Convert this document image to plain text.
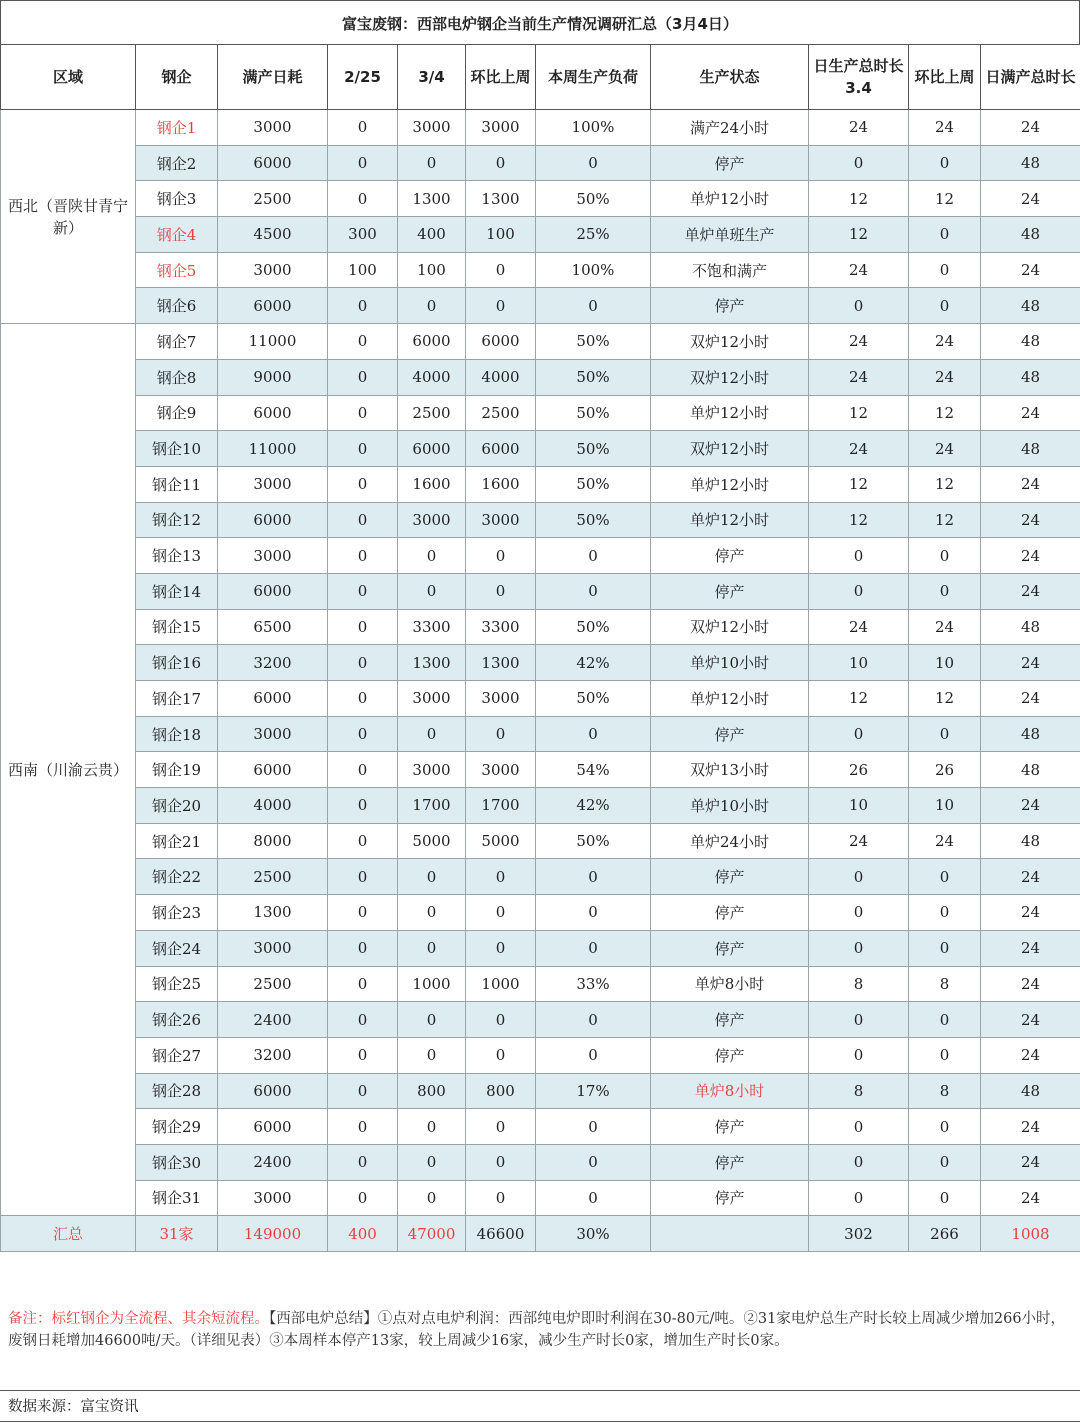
富宝废钢：西部电炉钢企当前生产情况调研汇总（3月4日）
区域	钢企	满产日耗	2/25	3/4	环比上周	本周生产负荷	生产状态	日生产总时长3.4	环比上周	日满产总时长
西北（晋陕甘青宁新）	钢企1	3000	0	3000	3000	100%	满产24小时	24	24	24
	钢企2	6000	0	0	0	0	停产	0	0	48
	钢企3	2500	0	1300	1300	50%	单炉12小时	12	12	24
	钢企4	4500	300	400	100	25%	单炉单班生产	12	0	48
	钢企5	3000	100	100	0	100%	不饱和满产	24	0	24
	钢企6	6000	0	0	0	0	停产	0	0	48
西南（川渝云贵）	钢企7	11000	0	6000	6000	50%	双炉12小时	24	24	48
	钢企8	9000	0	4000	4000	50%	双炉12小时	24	24	48
	钢企9	6000	0	2500	2500	50%	单炉12小时	12	12	24
	钢企10	11000	0	6000	6000	50%	双炉12小时	24	24	48
	钢企11	3000	0	1600	1600	50%	单炉12小时	12	12	24
	钢企12	6000	0	3000	3000	50%	单炉12小时	12	12	24
	钢企13	3000	0	0	0	0	停产	0	0	24
	钢企14	6000	0	0	0	0	停产	0	0	24
	钢企15	6500	0	3300	3300	50%	双炉12小时	24	24	48
	钢企16	3200	0	1300	1300	42%	单炉10小时	10	10	24
	钢企17	6000	0	3000	3000	50%	单炉12小时	12	12	24
	钢企18	3000	0	0	0	0	停产	0	0	48
	钢企19	6000	0	3000	3000	54%	双炉13小时	26	26	48
	钢企20	4000	0	1700	1700	42%	单炉10小时	10	10	24
	钢企21	8000	0	5000	5000	50%	单炉24小时	24	24	48
	钢企22	2500	0	0	0	0	停产	0	0	24
	钢企23	1300	0	0	0	0	停产	0	0	24
	钢企24	3000	0	0	0	0	停产	0	0	24
	钢企25	2500	0	1000	1000	33%	单炉8小时	8	8	24
	钢企26	2400	0	0	0	0	停产	0	0	24
	钢企27	3200	0	0	0	0	停产	0	0	24
	钢企28	6000	0	800	800	17%	单炉8小时	8	8	48
	钢企29	6000	0	0	0	0	停产	0	0	24
	钢企30	2400	0	0	0	0	停产	0	0	24
	钢企31	3000	0	0	0	0	停产	0	0	24
汇总	31家	149000	400	47000	46600	30%		302	266	1008
备注：标红钢企为全流程、其余短流程。【西部电炉总结】①点对点电炉利润：西部纯电炉即时利润在30-80元/吨。②31家电炉总生产时长较上周减少增加266小时，废钢日耗增加46600吨/天。（详细见表）③本周样本停产13家，较上周减少16家，减少生产时长0家，增加生产时长0家。
数据来源：富宝资讯
